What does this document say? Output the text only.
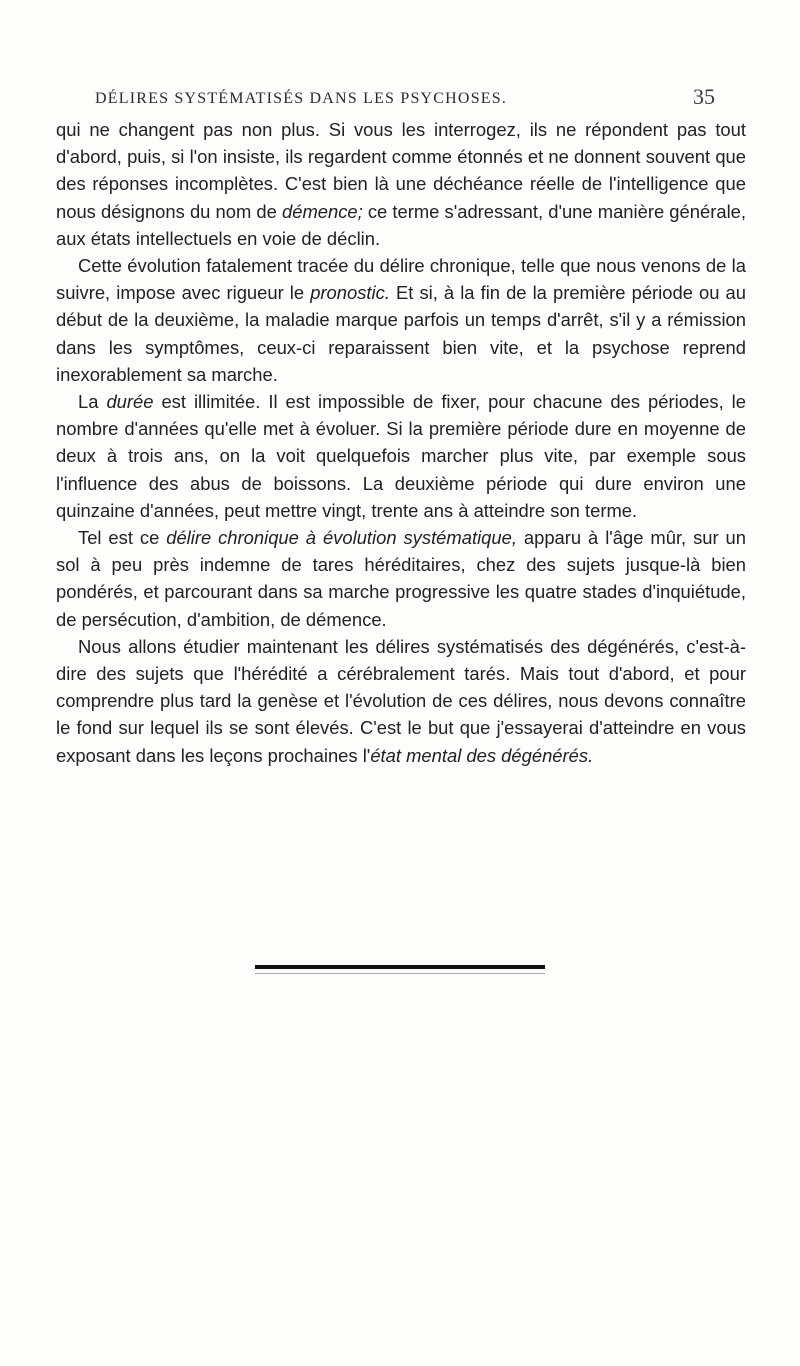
DÉLIRES SYSTÉMATISÉS DANS LES PSYCHOSES.	35

qui ne changent pas non plus. Si vous les interrogez, ils ne répondent pas tout d'abord, puis, si l'on insiste, ils regardent comme étonnés et ne donnent souvent que des réponses incomplètes. C'est bien là une déchéance réelle de l'intelligence que nous désignons du nom de démence; ce terme s'adressant, d'une manière générale, aux états intellectuels en voie de déclin.

Cette évolution fatalement tracée du délire chronique, telle que nous venons de la suivre, impose avec rigueur le pronostic. Et si, à la fin de la première période ou au début de la deuxième, la maladie marque parfois un temps d'arrêt, s'il y a rémission dans les symptômes, ceux-ci reparaissent bien vite, et la psychose reprend inexorablement sa marche.

La durée est illimitée. Il est impossible de fixer, pour chacune des périodes, le nombre d'années qu'elle met à évoluer. Si la première période dure en moyenne de deux à trois ans, on la voit quelquefois marcher plus vite, par exemple sous l'influence des abus de boissons. La deuxième période qui dure environ une quinzaine d'années, peut mettre vingt, trente ans à atteindre son terme.

Tel est ce délire chronique à évolution systématique, apparu à l'âge mûr, sur un sol à peu près indemne de tares héréditaires, chez des sujets jusque-là bien pondérés, et parcourant dans sa marche progressive les quatre stades d'inquiétude, de persécution, d'ambition, de démence.

Nous allons étudier maintenant les délires systématisés des dégénérés, c'est-à-dire des sujets que l'hérédité a cérébralement tarés. Mais tout d'abord, et pour comprendre plus tard la genèse et l'évolution de ces délires, nous devons connaître le fond sur lequel ils se sont élevés. C'est le but que j'essayerai d'atteindre en vous exposant dans les leçons prochaines l'état mental des dégénérés.
